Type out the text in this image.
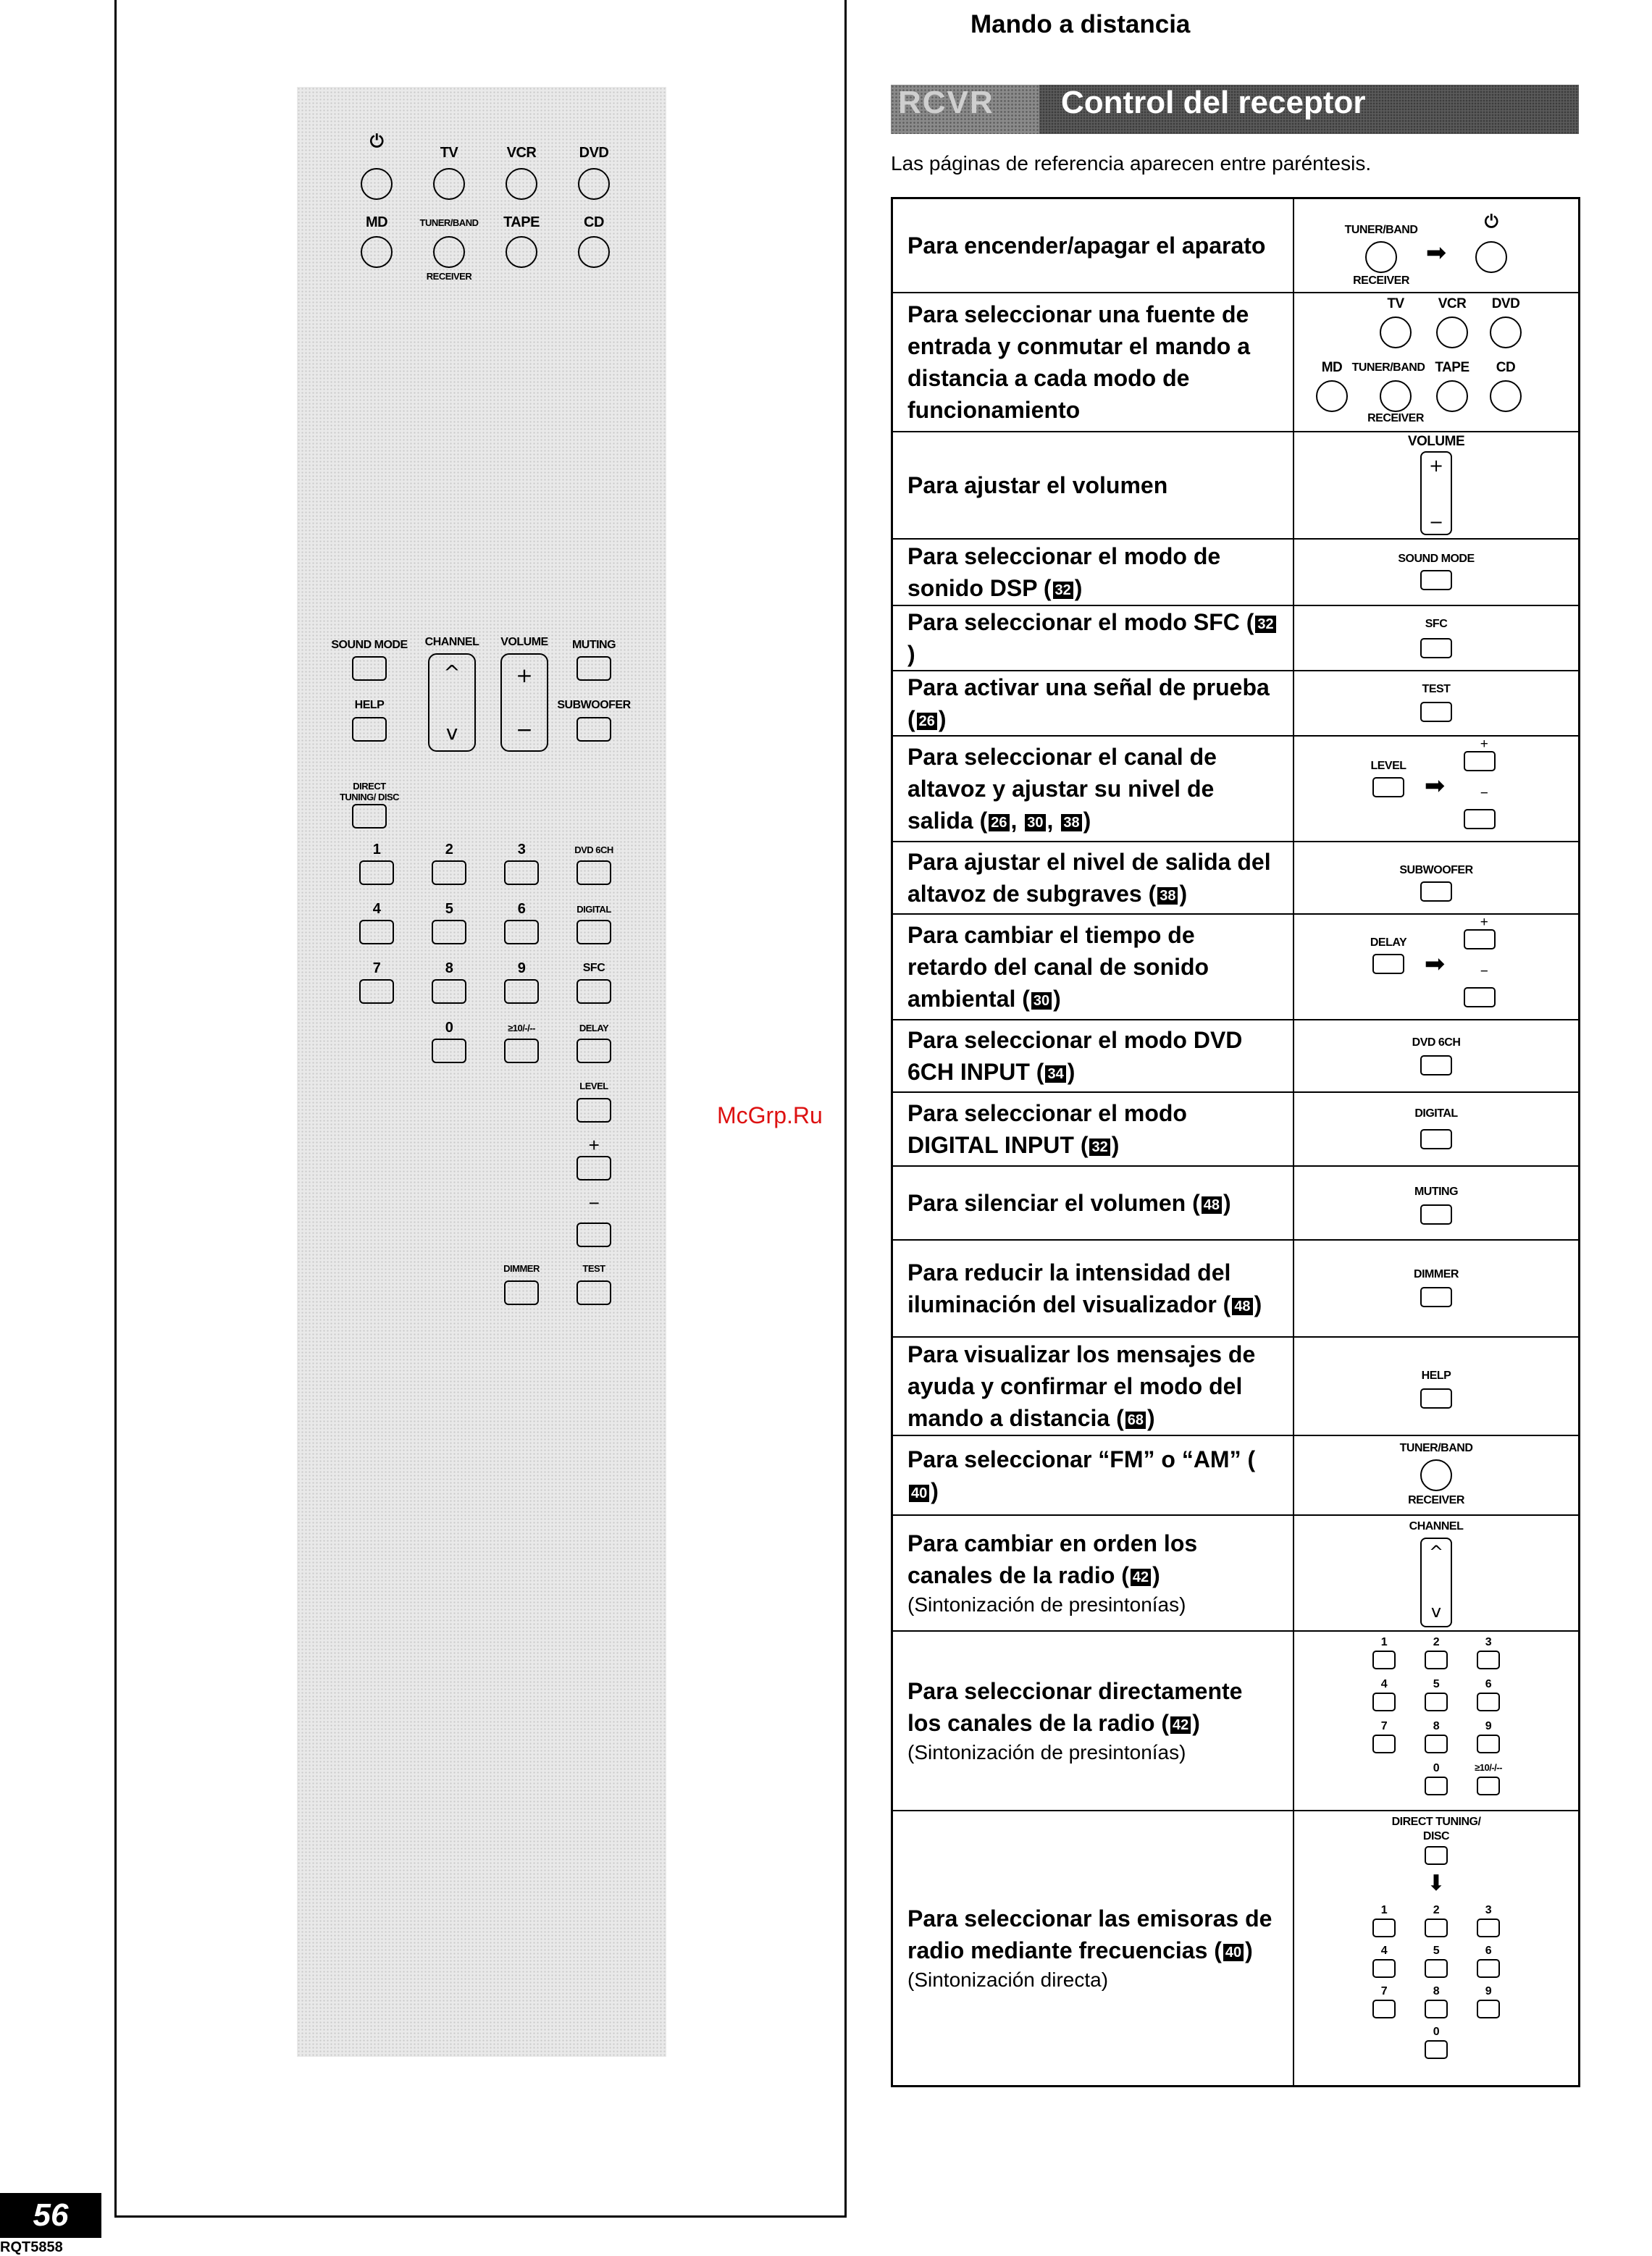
56
RQT5858
⏻
TV	VCR	DVD
MD	TUNER/BAND TAPE	CD
RECEIVER
SOUND MODE CHANNEL
^
v
VOLUME
+
−
MUTING
HELP	SUBWOOFER
DIRECT TUNING/ DISC
1	2	3	DVD 6CH
4	5	6	DIGITAL
7	8	9	SFC
0	≥10/-/--	DELAY
LEVEL
+
−
DIMMER	TEST
Mando a distancia
RCVR	Control del receptor
Las páginas de referencia aparecen entre paréntesis.
Para encender/apagar el aparato
TUNER/BAND
RECEIVER
➡
⏻
Para seleccionar una fuente de entrada y conmutar el mando a distancia a cada modo de funcionamiento
TV VCR DVD
MD TUNER/BAND TAPE CD
RECEIVER
Para ajustar el volumen
VOLUME
+
−
Para seleccionar el modo de sonido DSP ( 32 )
SOUND MODE
Para seleccionar el modo SFC ( 32)
SFC
Para activar una señal de prueba ( 26 )
TEST
Para seleccionar el canal de altavoz y ajustar su nivel de salida ( 26 , 30 , 38 )
LEVEL
➡
+
−
Para ajustar el nivel de salida del altavoz de subgraves ( 38 )
SUBWOOFER
Para cambiar el tiempo de retardo del canal de sonido ambiental ( 30 )
DELAY
➡
+
−
Para seleccionar el modo DVD 6CH INPUT ( 34 )
DVD 6CH
Para seleccionar el modo DIGITAL INPUT ( 32 )
DIGITAL
Para silenciar el volumen ( 48 )	MUTING
Para reducir la intensidad del iluminación del visualizador ( 48 )
DIMMER
Para visualizar los mensajes de ayuda y confirmar el modo del mando a distancia ( 68 )
HELP
Para seleccionar “FM” o “AM” (40 )
TUNER/BAND
RECEIVER
Para cambiar en orden los canales de la radio ( 42 )
(Sintonización de presintonías)
CHANNEL
^
v
Para seleccionar directamente los canales de la radio ( 42 )
(Sintonización de presintonías)
1	2	3
4	5	6
7	8	9
0	≥10/-/--
Para seleccionar las emisoras de radio mediante frecuencias ( 40 )
(Sintonización directa)
DIRECT TUNING/
DISC
⬇
1	2	3
4	5	6
7	8	9
0
McGrp.Ru
